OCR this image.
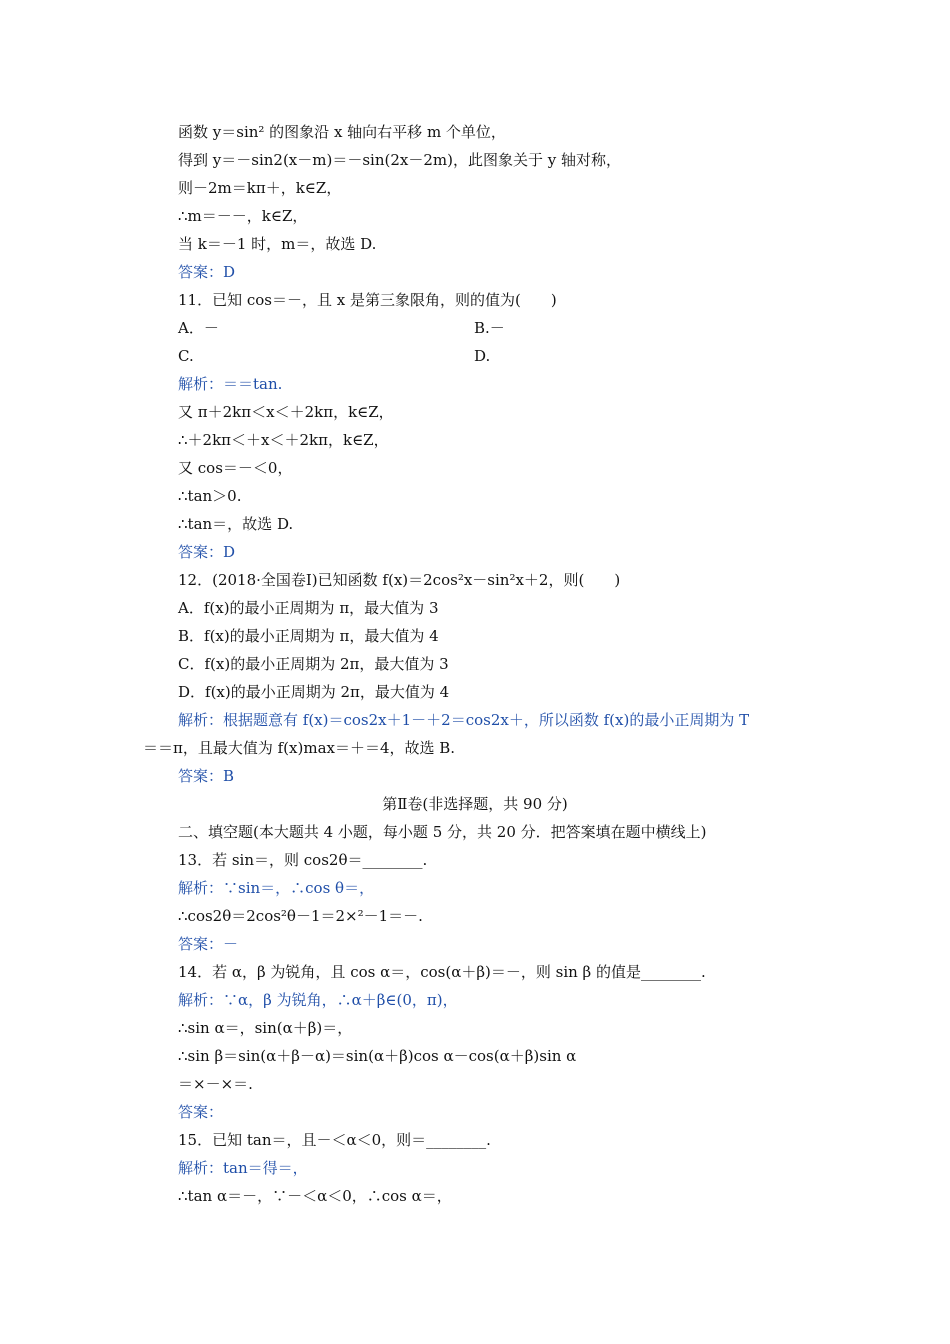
函数 y＝sin² 的图象沿 x 轴向右平移 m 个单位，
得到 y＝－sin2(x－m)＝－sin(2x－2m)，此图象关于 y 轴对称，
则－2m＝kπ＋，k∈Z，
∴m＝－－，k∈Z，
当 k＝－1 时，m＝，故选 D.
答案：D
11．已知 cos＝－，且 x 是第三象限角，则的值为(　　)
A．－	B.－
C.	D.
解析：＝＝tan.
又 π＋2kπ＜x＜＋2kπ，k∈Z，
∴＋2kπ＜＋x＜＋2kπ，k∈Z，
又 cos＝－＜0，
∴tan＞0.
∴tan＝，故选 D.
答案：D
12．(2018·全国卷Ⅰ)已知函数 f(x)＝2cos²x－sin²x＋2，则(　　)
A．f(x)的最小正周期为 π，最大值为 3
B．f(x)的最小正周期为 π，最大值为 4
C．f(x)的最小正周期为 2π，最大值为 3
D．f(x)的最小正周期为 2π，最大值为 4
解析：根据题意有 f(x)＝cos2x＋1－＋2＝cos2x＋，所以函数 f(x)的最小正周期为 T
＝＝π，且最大值为 f(x)max＝＋＝4，故选 B.
答案：B
第Ⅱ卷(非选择题，共 90 分)
二、填空题(本大题共 4 小题，每小题 5 分，共 20 分．把答案填在题中横线上)
13．若 sin＝，则 cos2θ＝________.
解析：∵sin＝，∴cos θ＝，
∴cos2θ＝2cos²θ－1＝2×²－1＝－.
答案：－
14．若 α，β 为锐角，且 cos α＝，cos(α＋β)＝－，则 sin β 的值是________.
解析：∵α，β 为锐角，∴α＋β∈(0，π)，
∴sin α＝，sin(α＋β)＝，
∴sin β＝sin(α＋β－α)＝sin(α＋β)cos α－cos(α＋β)sin α
＝×－×＝.
答案：
15．已知 tan＝，且－＜α＜0，则＝________.
解析：tan＝得＝，
∴tan α＝－，∵－＜α＜0，∴cos α＝，
